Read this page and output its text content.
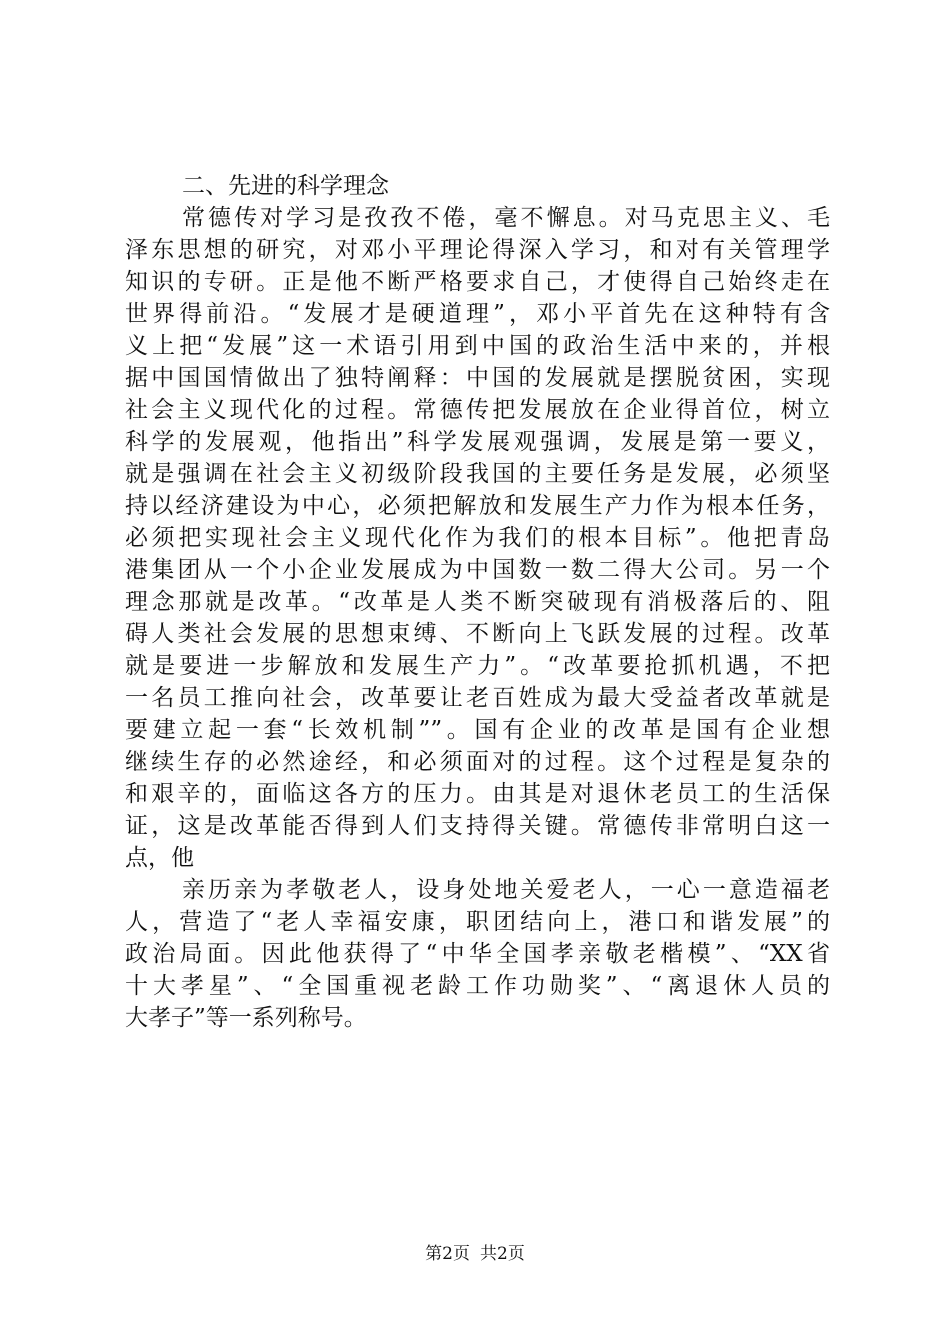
二、先进的科学理念
常德传对学习是孜孜不倦，毫不懈息。对马克思主义、毛
泽东思想的研究，对邓小平理论得深入学习，和对有关管理学
知识的专研。正是他不断严格要求自己，才使得自己始终走在
世界得前沿。“发展才是硬道理”，邓小平首先在这种特有含
义上把“发展”这一术语引用到中国的政治生活中来的，并根
据中国国情做出了独特阐释：中国的发展就是摆脱贫困，实现
社会主义现代化的过程。常德传把发展放在企业得首位，树立
科学的发展观，他指出”科学发展观强调，发展是第一要义，
就是强调在社会主义初级阶段我国的主要任务是发展，必须坚
持以经济建设为中心，必须把解放和发展生产力作为根本任务，
必须把实现社会主义现代化作为我们的根本目标”。他把青岛
港集团从一个小企业发展成为中国数一数二得大公司。另一个
理念那就是改革。“改革是人类不断突破现有消极落后的、阻
碍人类社会发展的思想束缚、不断向上飞跃发展的过程。改革
就是要进一步解放和发展生产力”。“改革要抢抓机遇，不把
一名员工推向社会，改革要让老百姓成为最大受益者改革就是
要建立起一套“长效机制””。国有企业的改革是国有企业想
继续生存的必然途经，和必须面对的过程。这个过程是复杂的
和艰辛的，面临这各方的压力。由其是对退休老员工的生活保
证，这是改革能否得到人们支持得关键。常德传非常明白这一
点，他
亲历亲为孝敬老人，设身处地关爱老人，一心一意造福老
人，营造了“老人幸福安康，职团结向上，港口和谐发展”的
政治局面。因此他获得了“中华全国孝亲敬老楷模”、“XX省
十大孝星”、“全国重视老龄工作功勋奖”、“离退休人员的
大孝子”等一系列称号。
第2页 共2页
